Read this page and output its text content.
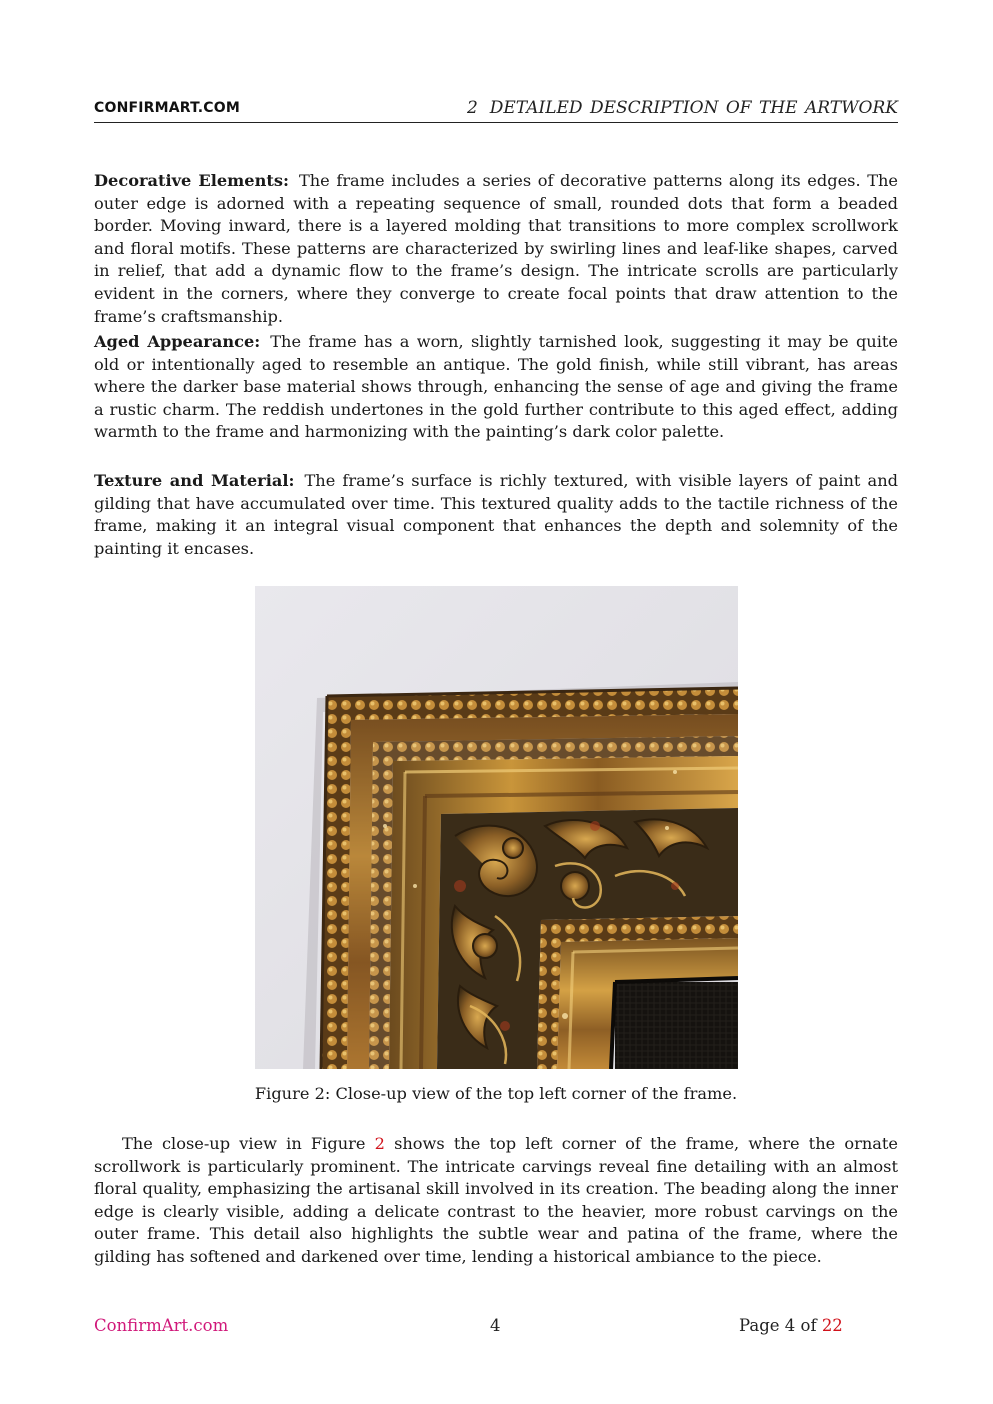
CONFIRMART.COM	2 DETAILED DESCRIPTION OF THE ARTWORK

Decorative Elements: The frame includes a series of decorative patterns along its edges. The outer edge is adorned with a repeating sequence of small, rounded dots that form a beaded border. Moving inward, there is a layered molding that transitions to more complex scrollwork and floral motifs. These patterns are characterized by swirling lines and leaf-like shapes, carved in relief, that add a dynamic flow to the frame’s design. The intricate scrolls are particularly evident in the corners, where they converge to create focal points that draw attention to the frame’s craftsmanship.

Aged Appearance: The frame has a worn, slightly tarnished look, suggesting it may be quite old or intentionally aged to resemble an antique. The gold finish, while still vibrant, has areas where the darker base material shows through, enhancing the sense of age and giving the frame a rustic charm. The reddish undertones in the gold further contribute to this aged effect, adding warmth to the frame and harmonizing with the painting’s dark color palette.

Texture and Material: The frame’s surface is richly textured, with visible layers of paint and gilding that have accumulated over time. This textured quality adds to the tactile richness of the frame, making it an integral visual component that enhances the depth and solemnity of the painting it encases.

Figure 2: Close-up view of the top left corner of the frame.

The close-up view in Figure 2 shows the top left corner of the frame, where the ornate scrollwork is particularly prominent. The intricate carvings reveal fine detailing with an almost floral quality, emphasizing the artisanal skill involved in its creation. The beading along the inner edge is clearly visible, adding a delicate contrast to the heavier, more robust carvings on the outer frame. This detail also highlights the subtle wear and patina of the frame, where the gilding has softened and darkened over time, lending a historical ambiance to the piece.

ConfirmArt.com	4	Page 4 of 22
